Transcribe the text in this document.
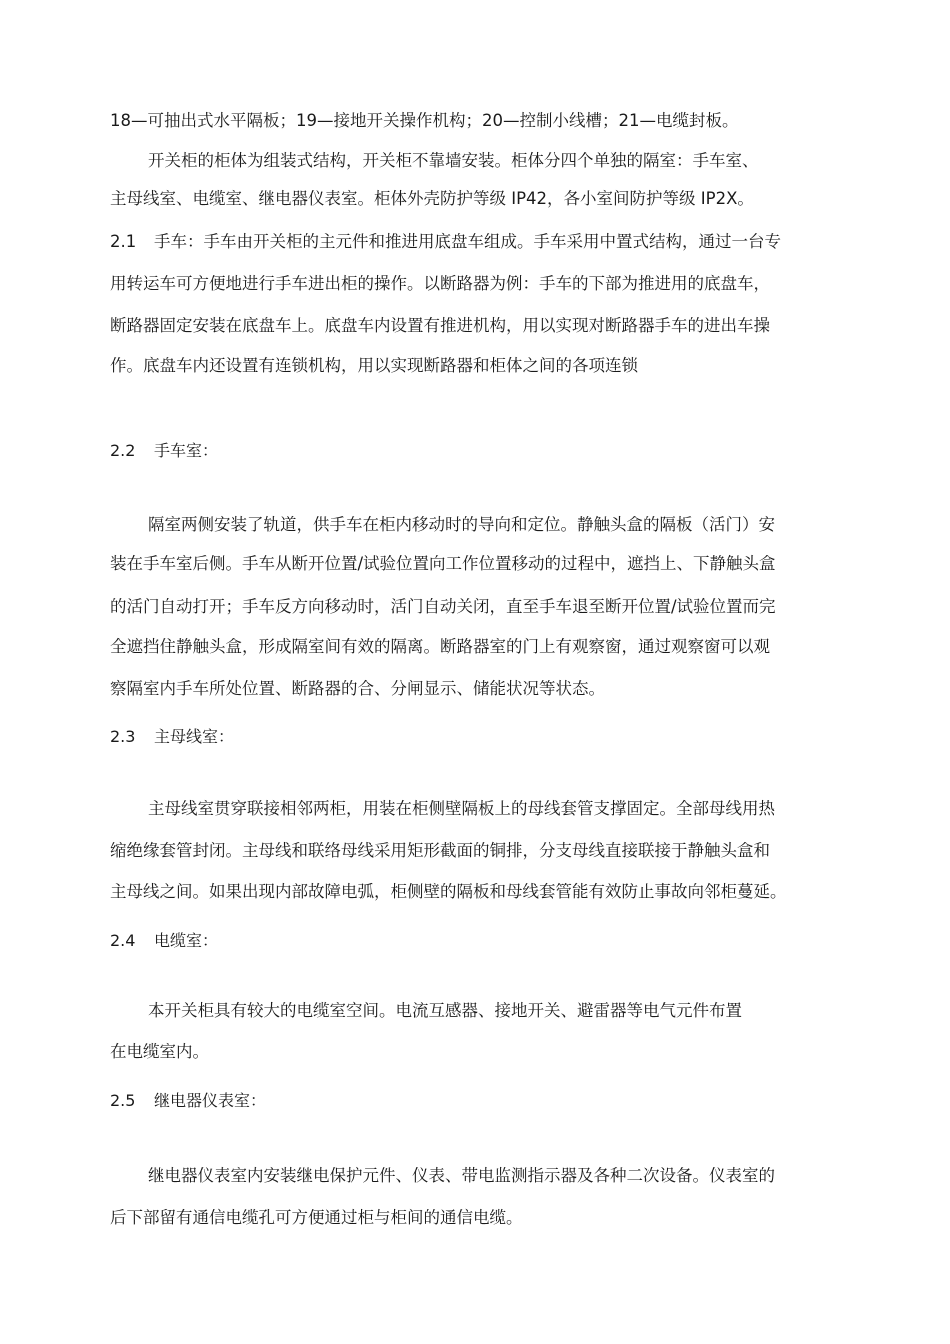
18—可抽出式水平隔板；19—接地开关操作机构；20—控制小线槽；21—电缆封板。
开关柜的柜体为组装式结构，开关柜不靠墙安装。柜体分四个单独的隔室：手车室、
主母线室、电缆室、继电器仪表室。柜体外壳防护等级 IP42，各小室间防护等级 IP2X。
2.1 手车：手车由开关柜的主元件和推进用底盘车组成。手车采用中置式结构，通过一台专
用转运车可方便地进行手车进出柜的操作。以断路器为例：手车的下部为推进用的底盘车，
断路器固定安装在底盘车上。底盘车内设置有推进机构，用以实现对断路器手车的进出车操
作。底盘车内还设置有连锁机构，用以实现断路器和柜体之间的各项连锁
2.2 手车室：
隔室两侧安装了轨道，供手车在柜内移动时的导向和定位。静触头盒的隔板（活门）安
装在手车室后侧。手车从断开位置/试验位置向工作位置移动的过程中，遮挡上、下静触头盒
的活门自动打开；手车反方向移动时，活门自动关闭，直至手车退至断开位置/试验位置而完
全遮挡住静触头盒，形成隔室间有效的隔离。断路器室的门上有观察窗，通过观察窗可以观
察隔室内手车所处位置、断路器的合、分闸显示、储能状况等状态。
2.3 主母线室：
主母线室贯穿联接相邻两柜，用装在柜侧壁隔板上的母线套管支撑固定。全部母线用热
缩绝缘套管封闭。主母线和联络母线采用矩形截面的铜排，分支母线直接联接于静触头盒和
主母线之间。如果出现内部故障电弧，柜侧壁的隔板和母线套管能有效防止事故向邻柜蔓延。
2.4 电缆室：
本开关柜具有较大的电缆室空间。电流互感器、接地开关、避雷器等电气元件布置
在电缆室内。
2.5 继电器仪表室：
继电器仪表室内安装继电保护元件、仪表、带电监测指示器及各种二次设备。仪表室的
后下部留有通信电缆孔可方便通过柜与柜间的通信电缆。
